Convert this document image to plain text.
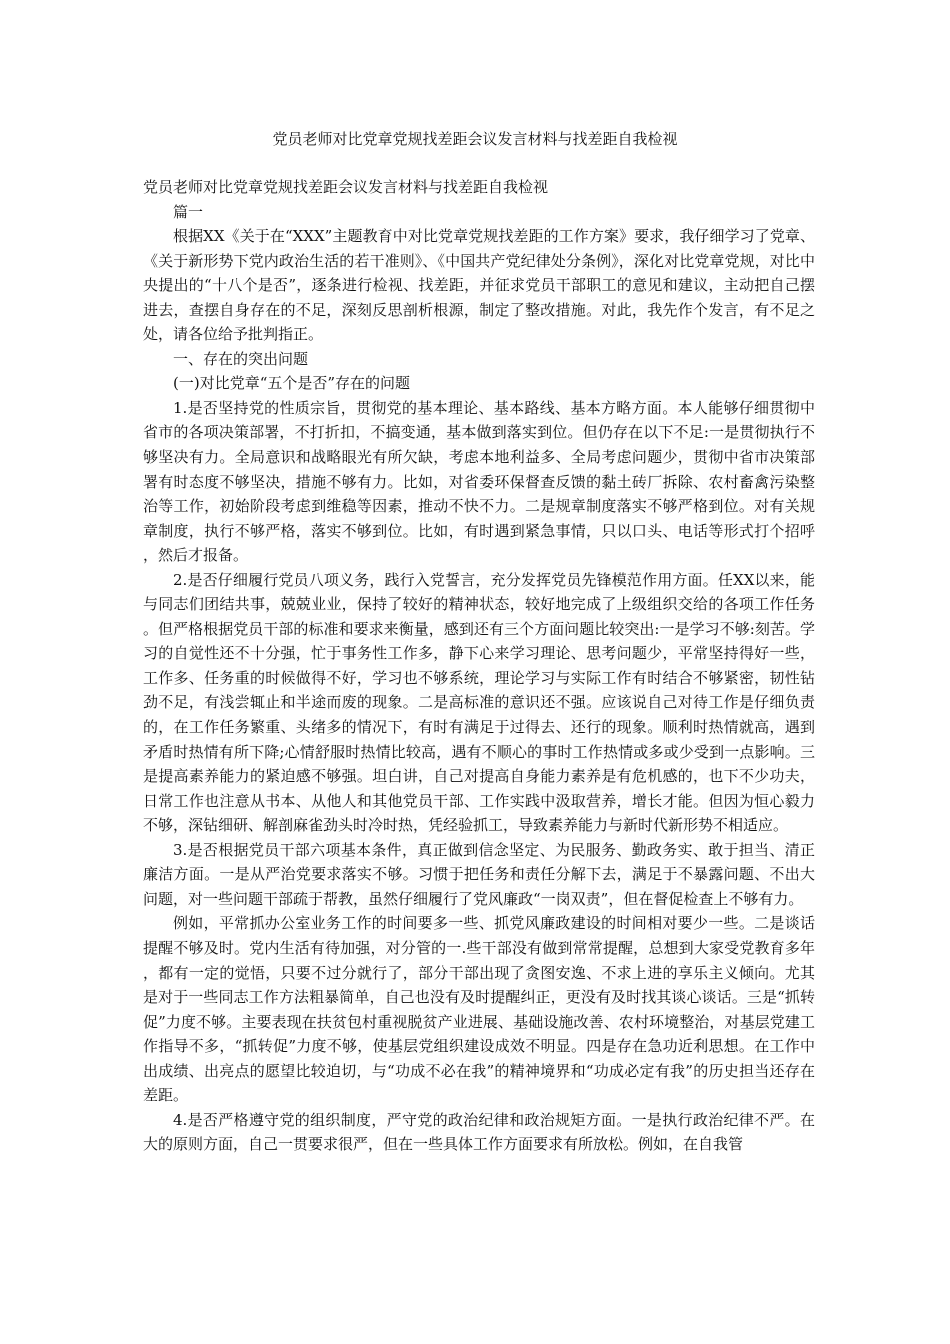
党员老师对比党章党规找差距会议发言材料与找差距自我检视

党员老师对比党章党规找差距会议发言材料与找差距自我检视

篇一

根据XX《关于在“XXX”主题教育中对比党章党规找差距的工作方案》要求，我仔细学习了党章、《关于新形势下党内政治生活的若干准则》、《中国共产党纪律处分条例》，深化对比党章党规，对比中央提出的“十八个是否”，逐条进行检视、找差距，并征求党员干部职工的意见和建议，主动把自己摆进去，查摆自身存在的不足，深刻反思剖析根源，制定了整改措施。对此，我先作个发言，有不足之处，请各位给予批判指正。

一、存在的突出问题

(一)对比党章“五个是否”存在的问题

1.是否坚持党的性质宗旨，贯彻党的基本理论、基本路线、基本方略方面。本人能够仔细贯彻中省市的各项决策部署，不打折扣，不搞变通，基本做到落实到位。但仍存在以下不足:一是贯彻执行不够坚决有力。全局意识和战略眼光有所欠缺，考虑本地利益多、全局考虑问题少，贯彻中省市决策部署有时态度不够坚决，措施不够有力。比如，对省委环保督查反馈的黏土砖厂拆除、农村畜禽污染整治等工作，初始阶段考虑到维稳等因素，推动不快不力。二是规章制度落实不够严格到位。对有关规章制度，执行不够严格，落实不够到位。比如，有时遇到紧急事情，只以口头、电话等形式打个招呼，然后才报备。

2.是否仔细履行党员八项义务，践行入党誓言，充分发挥党员先锋模范作用方面。任XX以来，能与同志们团结共事，兢兢业业，保持了较好的精神状态，较好地完成了上级组织交给的各项工作任务。但严格根据党员干部的标准和要求来衡量，感到还有三个方面问题比较突出:一是学习不够:刻苦。学习的自觉性还不十分强，忙于事务性工作多，静下心来学习理论、思考问题少，平常坚持得好一些，工作多、任务重的时候做得不好，学习也不够系统，理论学习与实际工作有时结合不够紧密，韧性钻劲不足，有浅尝辄止和半途而废的现象。二是高标准的意识还不强。应该说自己对待工作是仔细负责的，在工作任务繁重、头绪多的情况下，有时有满足于过得去、还行的现象。顺利时热情就高，遇到矛盾时热情有所下降;心情舒服时热情比较高，遇有不顺心的事时工作热情或多或少受到一点影响。三是提高素养能力的紧迫感不够强。坦白讲，自己对提高自身能力素养是有危机感的，也下不少功夫，日常工作也注意从书本、从他人和其他党员干部、工作实践中汲取营养，增长才能。但因为恒心毅力不够，深钻细研、解剖麻雀劲头时冷时热，凭经验抓工，导致素养能力与新时代新形势不相适应。

3.是否根据党员干部六项基本条件，真正做到信念坚定、为民服务、勤政务实、敢于担当、清正廉洁方面。一是从严治党要求落实不够。习惯于把任务和责任分解下去，满足于不暴露问题、不出大问题，对一些问题干部疏于帮教，虽然仔细履行了党风廉政“一岗双责”，但在督促检查上不够有力。

例如，平常抓办公室业务工作的时间要多一些、抓党风廉政建设的时间相对要少一些。二是谈话提醒不够及时。党内生活有待加强，对分管的一.些干部没有做到常常提醒，总想到大家受党教育多年，都有一定的觉悟，只要不过分就行了，部分干部出现了贪图安逸、不求上进的享乐主义倾向。尤其是对于一些同志工作方法粗暴简单，自己也没有及时提醒纠正，更没有及时找其谈心谈话。三是“抓转促”力度不够。主要表现在扶贫包村重视脱贫产业进展、基础设施改善、农村环境整治，对基层党建工作指导不多，“抓转促”力度不够，使基层党组织建设成效不明显。四是存在急功近利思想。在工作中出成绩、出亮点的愿望比较迫切，与“功成不必在我”的精神境界和“功成必定有我”的历史担当还存在差距。

4.是否严格遵守党的组织制度，严守党的政治纪律和政治规矩方面。一是执行政治纪律不严。在大的原则方面，自己一贯要求很严，但在一些具体工作方面要求有所放松。例如，在自我管
